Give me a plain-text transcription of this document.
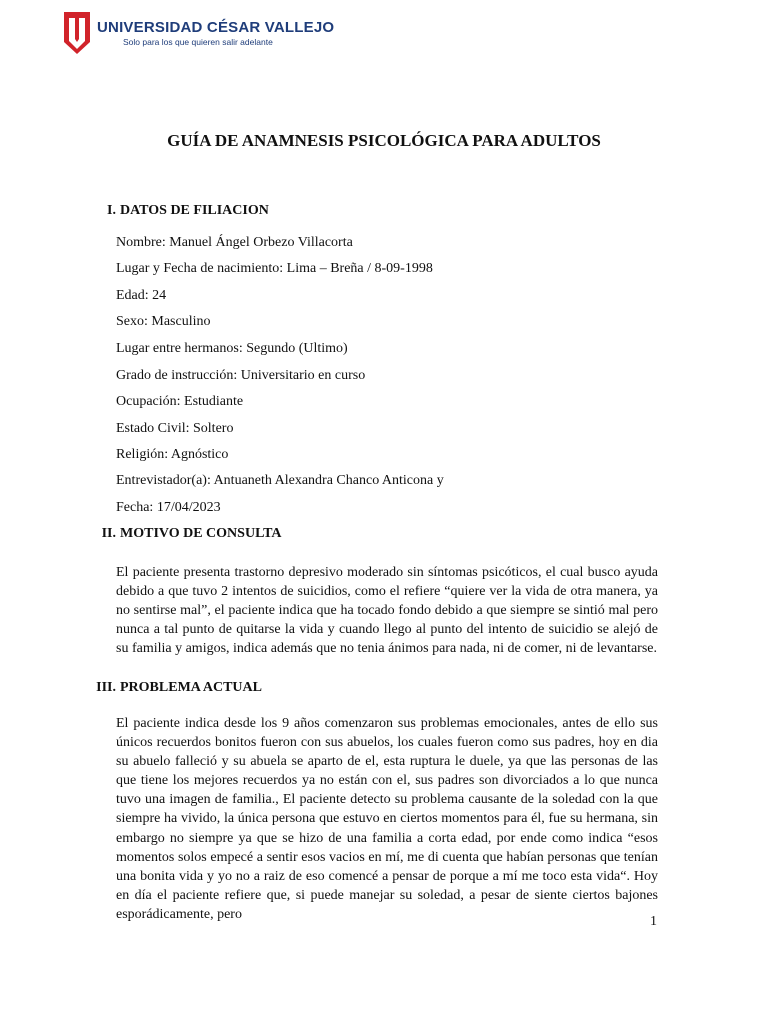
UNIVERSIDAD CÉSAR VALLEJO
Solo para los que quieren salir adelante
GUÍA DE ANAMNESIS PSICOLÓGICA PARA ADULTOS
I. DATOS DE FILIACION
Nombre: Manuel Ángel Orbezo Villacorta
Lugar y Fecha de nacimiento: Lima – Breña / 8-09-1998
Edad: 24
Sexo: Masculino
Lugar entre hermanos: Segundo (Ultimo)
Grado de instrucción: Universitario en curso
Ocupación: Estudiante
Estado Civil: Soltero
Religión: Agnóstico
Entrevistador(a): Antuaneth Alexandra Chanco Anticona y
Fecha: 17/04/2023
II. MOTIVO DE CONSULTA
El paciente presenta trastorno depresivo moderado sin síntomas psicóticos, el cual busco ayuda debido a que tuvo 2 intentos de suicidios, como el refiere “quiere ver la vida de otra manera, ya no sentirse mal”, el paciente indica que ha tocado fondo debido a que siempre se sintió mal pero nunca a tal punto de quitarse la vida y cuando llego al punto del intento de suicidio se alejó de su familia y amigos, indica además que no tenia ánimos para nada, ni de comer, ni de levantarse.
III. PROBLEMA ACTUAL
El paciente indica desde los 9 años comenzaron sus problemas emocionales, antes de ello sus únicos recuerdos bonitos fueron con sus abuelos, los cuales fueron como sus padres, hoy en dia su abuelo falleció y su abuela se aparto de el, esta ruptura le duele, ya que las personas de las que tiene los mejores recuerdos ya no están con el, sus padres son divorciados a lo que nunca tuvo una imagen de familia., El paciente detecto su problema causante de la soledad con la que siempre ha vivido, la única persona que estuvo en ciertos momentos para él, fue su hermana, sin embargo no siempre ya que se hizo de una familia a corta edad, por ende como indica “esos momentos solos empecé a sentir esos vacios en mí, me di cuenta que habían personas que tenían una bonita vida y yo no a raiz de eso comencé a pensar de porque a mí me toco esta vida“. Hoy en día el paciente refiere que, si puede manejar su soledad, a pesar de siente ciertos bajones esporádicamente, pero	1
